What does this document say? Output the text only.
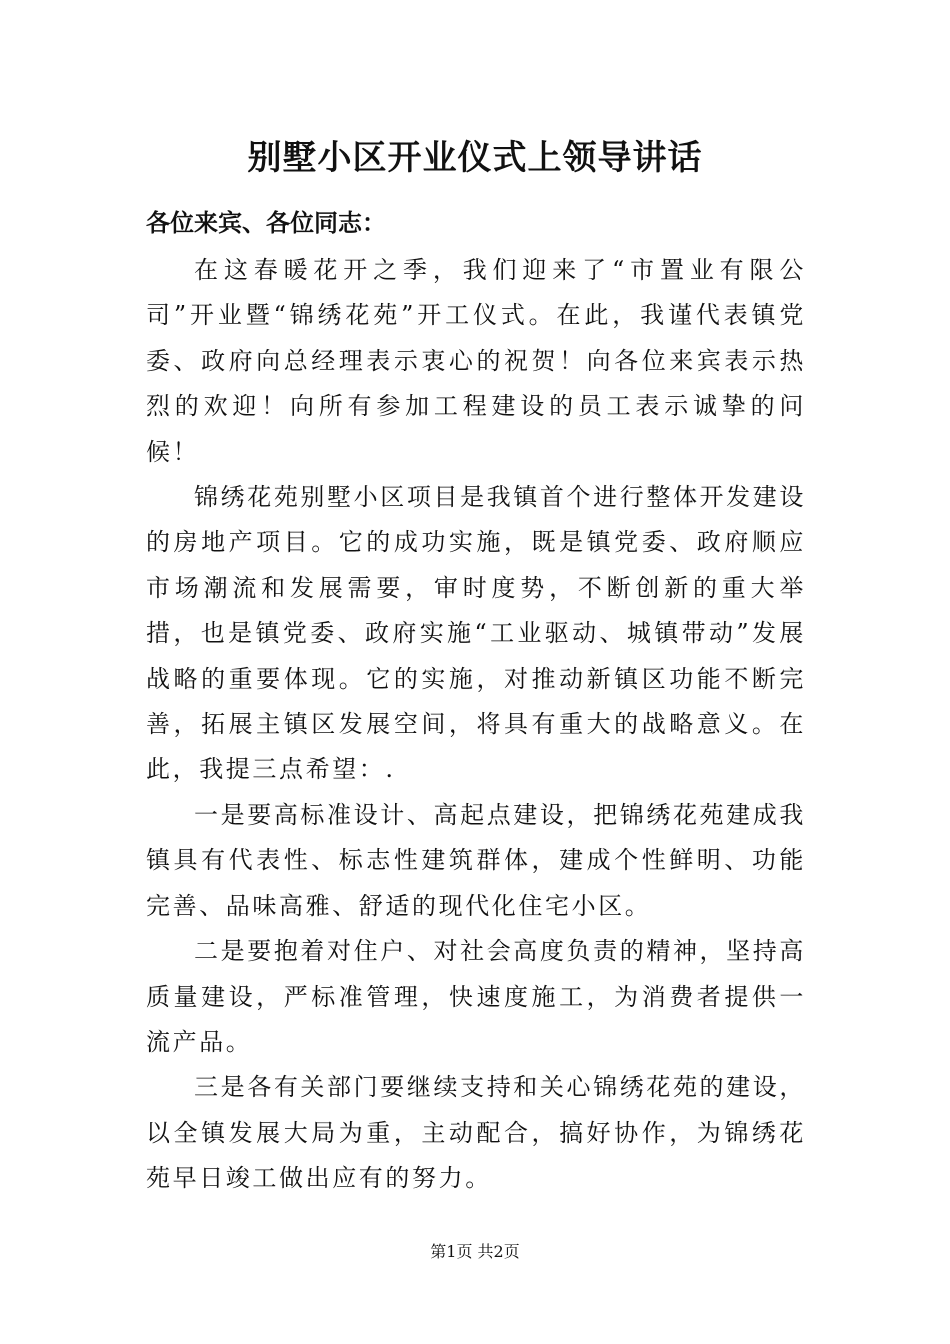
别墅小区开业仪式上领导讲话

各位来宾、各位同志：

在这春暖花开之季，我们迎来了“市置业有限公司”开业暨“锦绣花苑”开工仪式。在此，我谨代表镇党委、政府向总经理表示衷心的祝贺！向各位来宾表示热烈的欢迎！向所有参加工程建设的员工表示诚挚的问候！

锦绣花苑别墅小区项目是我镇首个进行整体开发建设的房地产项目。它的成功实施，既是镇党委、政府顺应市场潮流和发展需要，审时度势，不断创新的重大举措，也是镇党委、政府实施“工业驱动、城镇带动”发展战略的重要体现。它的实施，对推动新镇区功能不断完善，拓展主镇区发展空间，将具有重大的战略意义。在此，我提三点希望：.

一是要高标准设计、高起点建设，把锦绣花苑建成我镇具有代表性、标志性建筑群体，建成个性鲜明、功能完善、品味高雅、舒适的现代化住宅小区。

二是要抱着对住户、对社会高度负责的精神，坚持高质量建设，严标准管理，快速度施工，为消费者提供一流产品。

三是各有关部门要继续支持和关心锦绣花苑的建设，以全镇发展大局为重，主动配合，搞好协作，为锦绣花苑早日竣工做出应有的努力。

第1页 共2页
